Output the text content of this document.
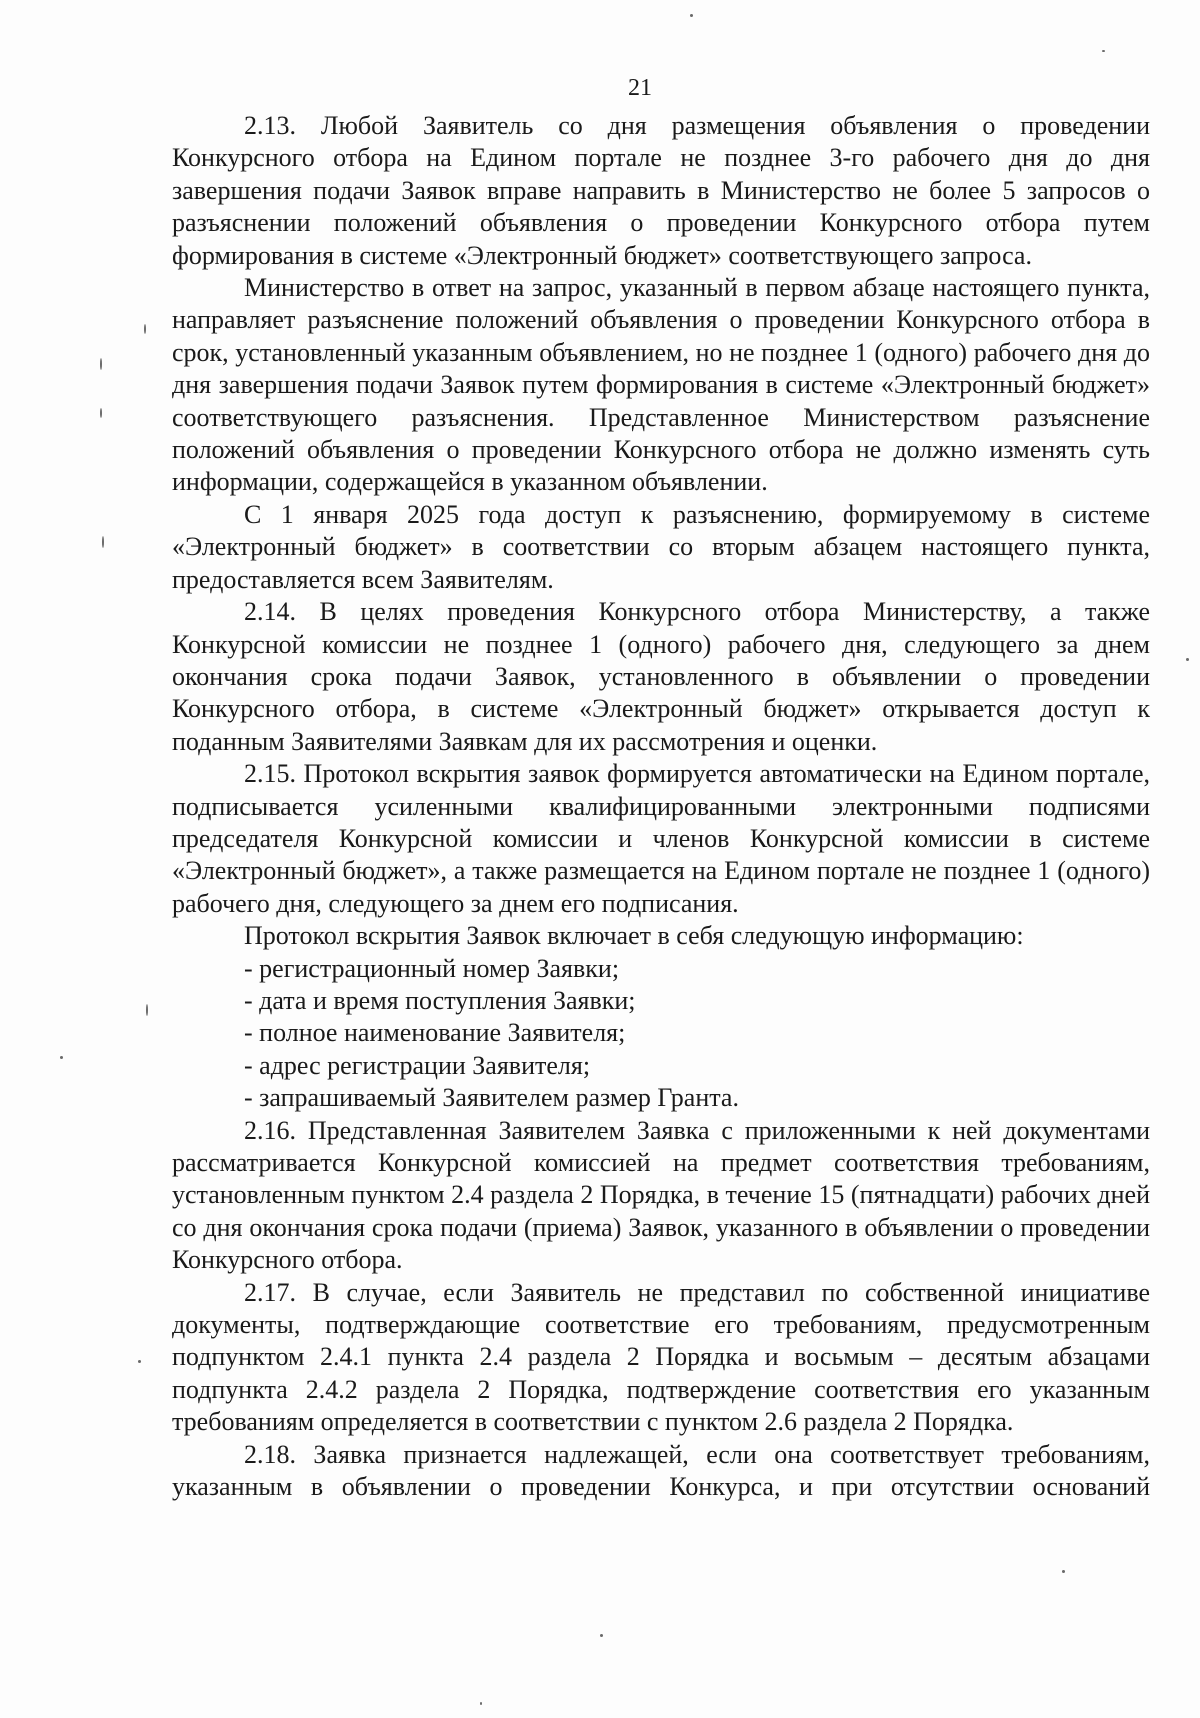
21

2.13. Любой Заявитель со дня размещения объявления о проведении Конкурсного отбора на Едином портале не позднее 3-го рабочего дня до дня завершения подачи Заявок вправе направить в Министерство не более 5 запросов о разъяснении положений объявления о проведении Конкурсного отбора путем формирования в системе «Электронный бюджет» соответствующего запроса.

Министерство в ответ на запрос, указанный в первом абзаце настоящего пункта, направляет разъяснение положений объявления о проведении Конкурсного отбора в срок, установленный указанным объявлением, но не позднее 1 (одного) рабочего дня до дня завершения подачи Заявок путем формирования в системе «Электронный бюджет» соответствующего разъяснения. Представленное Министерством разъяснение положений объявления о проведении Конкурсного отбора не должно изменять суть информации, содержащейся в указанном объявлении.

С 1 января 2025 года доступ к разъяснению, формируемому в системе «Электронный бюджет» в соответствии со вторым абзацем настоящего пункта, предоставляется всем Заявителям.

2.14. В целях проведения Конкурсного отбора Министерству, а также Конкурсной комиссии не позднее 1 (одного) рабочего дня, следующего за днем окончания срока подачи Заявок, установленного в объявлении о проведении Конкурсного отбора, в системе «Электронный бюджет» открывается доступ к поданным Заявителями Заявкам для их рассмотрения и оценки.

2.15. Протокол вскрытия заявок формируется автоматически на Едином портале, подписывается усиленными квалифицированными электронными подписями председателя Конкурсной комиссии и членов Конкурсной комиссии в системе «Электронный бюджет», а также размещается на Едином портале не позднее 1 (одного) рабочего дня, следующего за днем его подписания.

Протокол вскрытия Заявок включает в себя следующую информацию:

- регистрационный номер Заявки;

- дата и время поступления Заявки;

- полное наименование Заявителя;

- адрес регистрации Заявителя;

- запрашиваемый Заявителем размер Гранта.

2.16. Представленная Заявителем Заявка с приложенными к ней документами рассматривается Конкурсной комиссией на предмет соответствия требованиям, установленным пунктом 2.4 раздела 2 Порядка, в течение 15 (пятнадцати) рабочих дней со дня окончания срока подачи (приема) Заявок, указанного в объявлении о проведении Конкурсного отбора.

2.17. В случае, если Заявитель не представил по собственной инициативе документы, подтверждающие соответствие его требованиям, предусмотренным подпунктом 2.4.1 пункта 2.4 раздела 2 Порядка и восьмым – десятым абзацами подпункта 2.4.2 раздела 2 Порядка, подтверждение соответствия его указанным требованиям определяется в соответствии с пунктом 2.6 раздела 2 Порядка.

2.18. Заявка признается надлежащей, если она соответствует требованиям, указанным в объявлении о проведении Конкурса, и при отсутствии оснований
